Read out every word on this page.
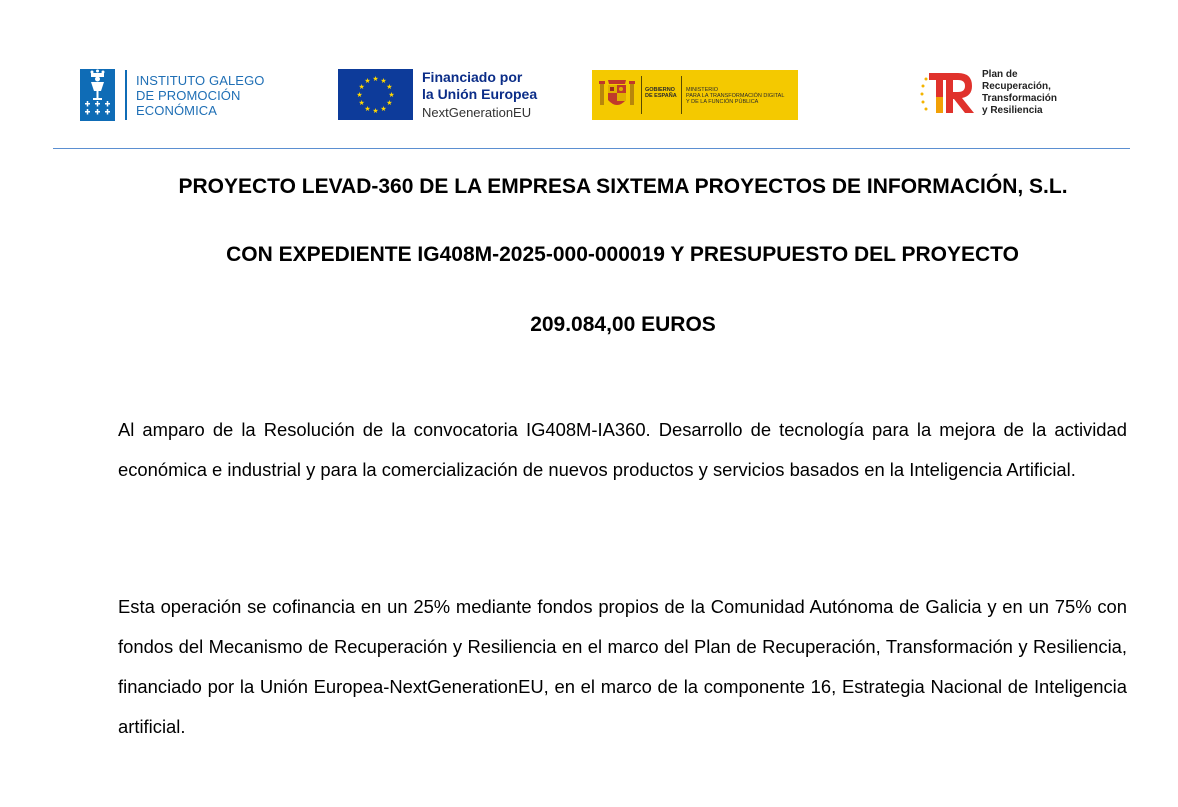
INSTITUTO GALEGO
DE PROMOCIÓN
ECONÓMICA
★
★
★
★
★
★
★
★
★ ★ ★
★
Financiado por
la Unión Europea
NextGenerationEU
GOBIERNO
DE ESPAÑA
MINISTERIO
PARA LA TRANSFORMACIÓN DIGITAL
Y DE LA FUNCIÓN PÚBLICA
Plan de
Recuperación,
Transformación
y Resiliencia
PROYECTO LEVAD-360 DE LA EMPRESA SIXTEMA PROYECTOS DE INFORMACIÓN, S.L.
CON EXPEDIENTE IG408M-2025-000-000019 Y PRESUPUESTO DEL PROYECTO
209.084,00 EUROS
Al amparo de la Resolución de la convocatoria IG408M-IA360. Desarrollo de tecnología para la mejora de la actividad económica e industrial y para la comercialización de nuevos productos y servicios basados en la Inteligencia Artificial.
Esta operación se cofinancia en un 25% mediante fondos propios de la Comunidad Autónoma de Galicia y en un 75% con fondos del Mecanismo de Recuperación y Resiliencia en el marco del Plan de Recuperación, Transformación y Resiliencia, financiado por la Unión Europea-NextGenerationEU, en el marco de la componente 16, Estrategia Nacional de Inteligencia artificial.
